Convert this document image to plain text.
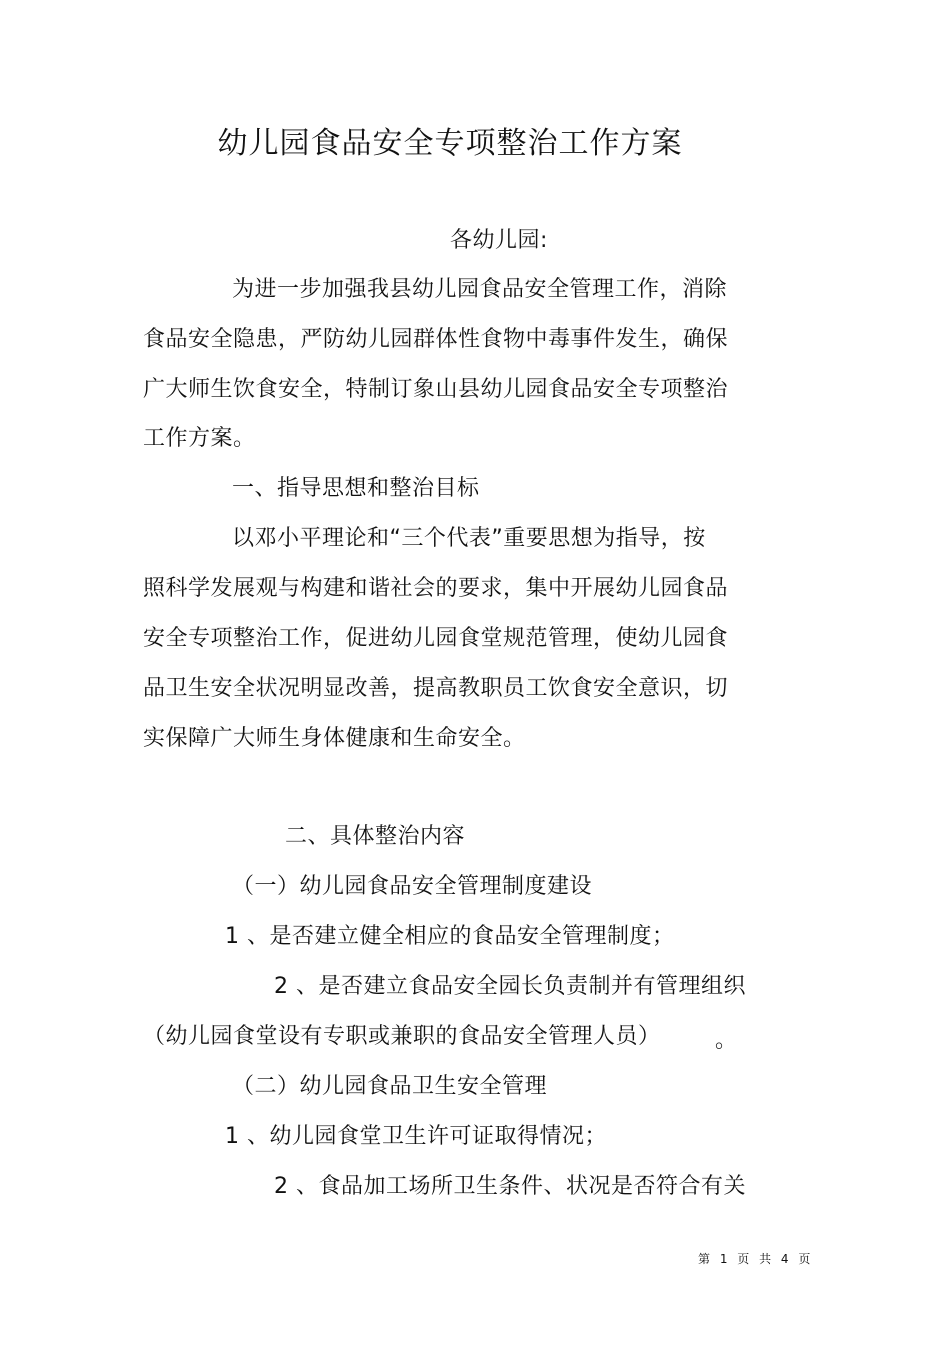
幼儿园食品安全专项整治工作方案
各幼儿园:
为进一步加强我县幼儿园食品安全管理工作，消除
食品安全隐患，严防幼儿园群体性食物中毒事件发生，确保
广大师生饮食安全，特制订象山县幼儿园食品安全专项整治
工作方案。
一、指导思想和整治目标
以邓小平理论和“三个代表”重要思想为指导，按
照科学发展观与构建和谐社会的要求，集中开展幼儿园食品
安全专项整治工作，促进幼儿园食堂规范管理，使幼儿园食
品卫生安全状况明显改善，提高教职员工饮食安全意识，切
实保障广大师生身体健康和生命安全。
二、具体整治内容
（一）幼儿园食品安全管理制度建设
1 、是否建立健全相应的食品安全管理制度；
2 、是否建立食品安全园长负责制并有管理组织
（幼儿园食堂设有专职或兼职的食品安全管理人员） 。
（二）幼儿园食品卫生安全管理
1 、幼儿园食堂卫生许可证取得情况；
2 、食品加工场所卫生条件、状况是否符合有关
第 1 页 共 4 页
